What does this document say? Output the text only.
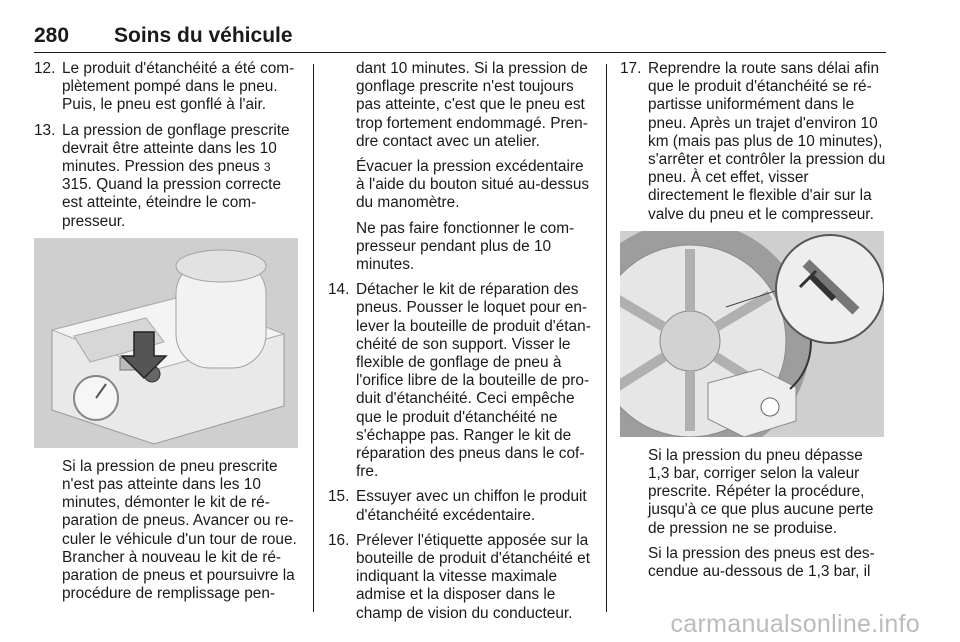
280 Soins du véhicule
12. Le produit d'étanchéité a été complètement pompé dans le pneu. Puis, le pneu est gonflé à l'air.
13. La pression de gonflage prescrite devrait être atteinte dans les 10 minutes. Pression des pneus 3 315. Quand la pression correcte est atteinte, éteindre le compresseur.
Si la pression de pneu prescrite n'est pas atteinte dans les 10 minutes, démonter le kit de réparation de pneus. Avancer ou reculer le véhicule d'un tour de roue. Brancher à nouveau le kit de réparation de pneus et poursuivre la procédure de remplissage pen-
dant 10 minutes. Si la pression de gonflage prescrite n'est toujours pas atteinte, c'est que le pneu est trop fortement endommagé. Prendre contact avec un atelier.
Évacuer la pression excédentaire à l'aide du bouton situé au-dessus du manomètre.
Ne pas faire fonctionner le compresseur pendant plus de 10 minutes.
14. Détacher le kit de réparation des pneus. Pousser le loquet pour enlever la bouteille de produit d'étanchéité de son support. Visser le flexible de gonflage de pneu à l'orifice libre de la bouteille de produit d'étanchéité. Ceci empêche que le produit d'étanchéité ne s'échappe pas. Ranger le kit de réparation des pneus dans le coffre.
15. Essuyer avec un chiffon le produit d'étanchéité excédentaire.
16. Prélever l'étiquette apposée sur la bouteille de produit d'étanchéité et indiquant la vitesse maximale admise et la disposer dans le champ de vision du conducteur.
17. Reprendre la route sans délai afin que le produit d'étanchéité se répartisse uniformément dans le pneu. Après un trajet d'environ 10 km (mais pas plus de 10 minutes), s'arrêter et contrôler la pression du pneu. À cet effet, visser directement le flexible d'air sur la valve du pneu et le compresseur.
Si la pression du pneu dépasse 1,3 bar, corriger selon la valeur prescrite. Répéter la procédure, jusqu'à ce que plus aucune perte de pression ne se produise.
Si la pression des pneus est descendue au-dessous de 1,3 bar, il
carmanualsonline.info
